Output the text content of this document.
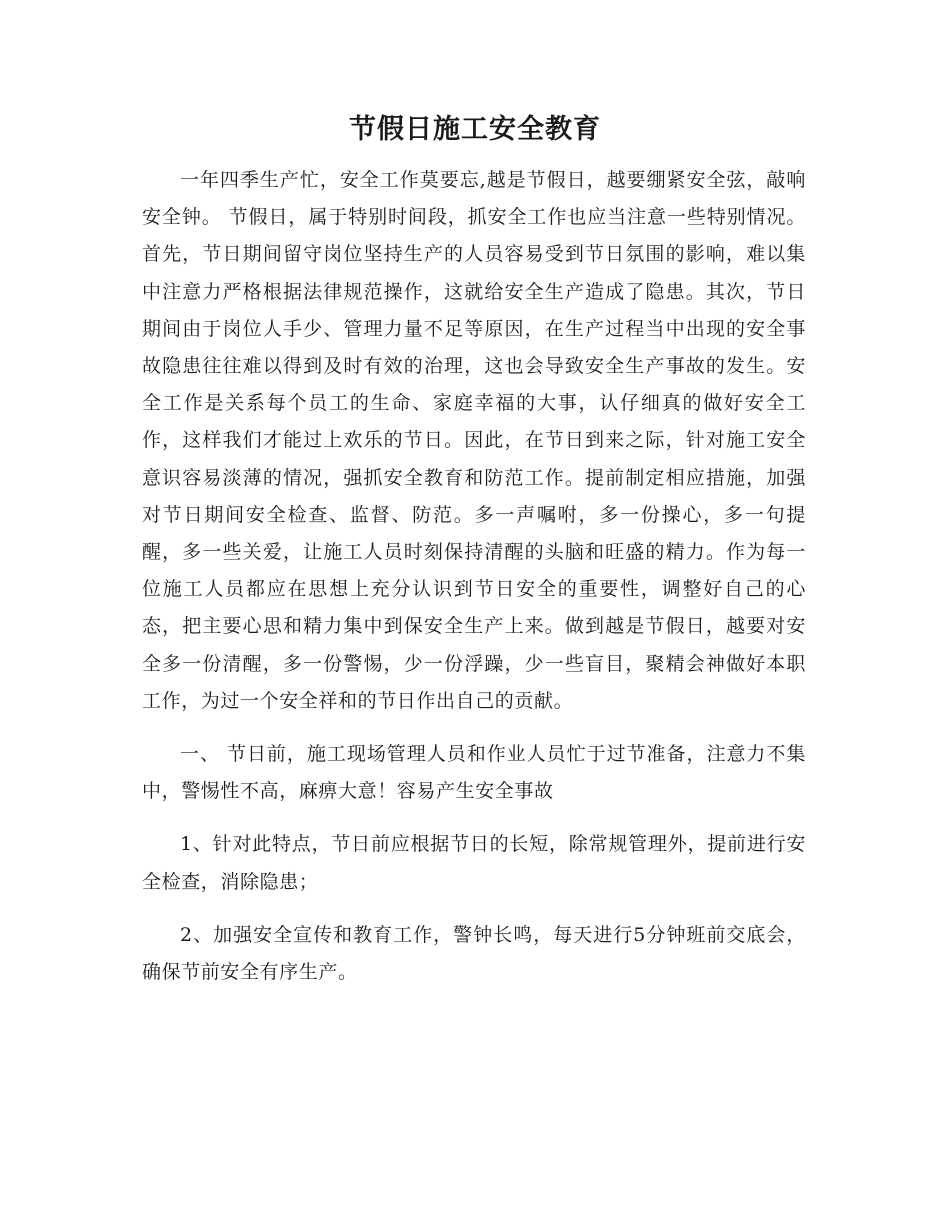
节假日施工安全教育

一年四季生产忙，安全工作莫要忘,越是节假日，越要绷紧安全弦，敲响安全钟。 节假日，属于特别时间段，抓安全工作也应当注意一些特别情况。首先，节日期间留守岗位坚持生产的人员容易受到节日氛围的影响，难以集中注意力严格根据法律规范操作，这就给安全生产造成了隐患。其次，节日期间由于岗位人手少、管理力量不足等原因，在生产过程当中出现的安全事故隐患往往难以得到及时有效的治理，这也会导致安全生产事故的发生。安全工作是关系每个员工的生命、家庭幸福的大事，认仔细真的做好安全工作，这样我们才能过上欢乐的节日。因此，在节日到来之际，针对施工安全意识容易淡薄的情况，强抓安全教育和防范工作。提前制定相应措施，加强对节日期间安全检查、监督、防范。多一声嘱咐，多一份操心，多一句提醒，多一些关爱，让施工人员时刻保持清醒的头脑和旺盛的精力。作为每一位施工人员都应在思想上充分认识到节日安全的重要性，调整好自己的心态，把主要心思和精力集中到保安全生产上来。做到越是节假日，越要对安全多一份清醒，多一份警惕，少一份浮躁，少一些盲目，聚精会神做好本职工作，为过一个安全祥和的节日作出自己的贡献。

一、 节日前，施工现场管理人员和作业人员忙于过节准备，注意力不集中，警惕性不高，麻痹大意！容易产生安全事故

1、针对此特点，节日前应根据节日的长短，除常规管理外，提前进行安全检查，消除隐患；

2、加强安全宣传和教育工作，警钟长鸣，每天进行5分钟班前交底会，确保节前安全有序生产。
